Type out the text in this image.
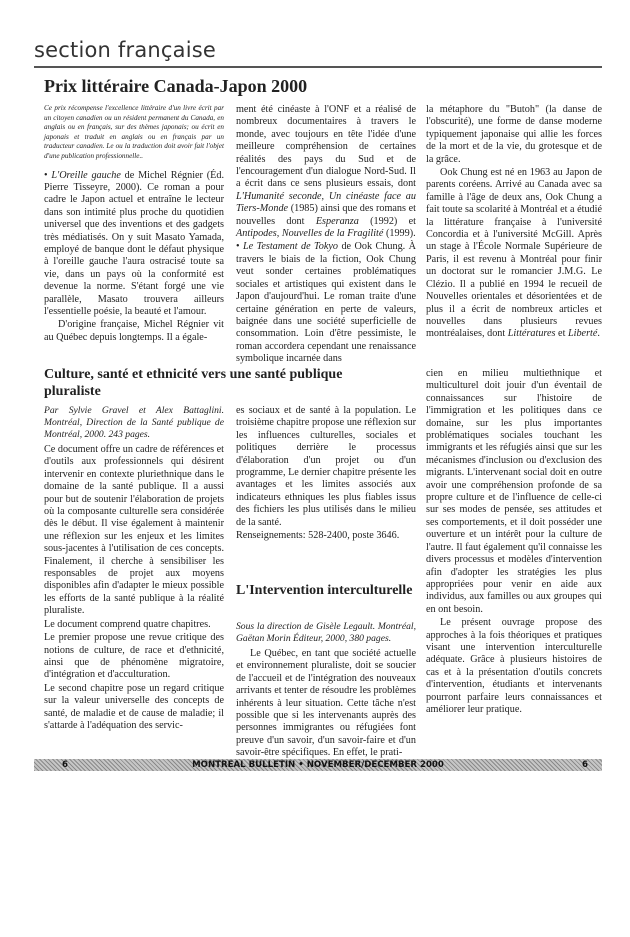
section française
Prix littéraire Canada-Japon 2000

Ce prix récompense l'excellence littéraire d'un livre écrit par un citoyen canadien ou un résident permanent du Canada, en anglais ou en français, sur des thèmes japonais; ou écrit en japonais et traduit en anglais ou en français par un traducteur canadien. Le ou la traduction doit avoir fait l'objet d'une publication professionnelle..

• L'Oreille gauche de Michel Régnier (Éd. Pierre Tisseyre, 2000). Ce roman a pour cadre le Japon actuel et entraîne le lecteur dans son intimité plus proche du quotidien universel que des inventions et des gadgets très médiatisés. On y suit Masato Yamada, employé de banque dont le défaut physique à l'oreille gauche l'aura ostracisé toute sa vie, dans un pays où la conformité est devenue la norme. S'étant forgé une vie parallèle, Masato trouvera ailleurs l'essentielle poésie, la beauté et l'amour.

D'origine française, Michel Régnier vit au Québec depuis longtemps. Il a égale-

ment été cinéaste à l'ONF et a réalisé de nombreux documentaires à travers le monde, avec toujours en tête l'idée d'une meilleure compréhension de certaines réalités des pays du Sud et de l'encouragement d'un dialogue Nord-Sud. Il a écrit dans ce sens plusieurs essais, dont L'Humanité seconde, Un cinéaste face au Tiers-Monde (1985) ainsi que des romans et nouvelles dont Esperanza (1992) et Antipodes, Nouvelles de la Fragilité (1999).

• Le Testament de Tokyo de Ook Chung. À travers le biais de la fiction, Ook Chung veut sonder certaines problématiques sociales et artistiques qui existent dans le Japon d'aujourd'hui. Le roman traite d'une certaine génération en perte de valeurs, baignée dans une société superficielle de consommation. Loin d'être pessimiste, le roman accordera cependant une renaissance symbolique incarnée dans

la métaphore du "Butoh" (la danse de l'obscurité), une forme de danse moderne typiquement japonaise qui allie les forces de la mort et de la vie, du grotesque et de la grâce.

Ook Chung est né en 1963 au Japon de parents coréens. Arrivé au Canada avec sa famille à l'âge de deux ans, Ook Chung a fait toute sa scolarité à Montréal et a étudié la littérature française à l'université Concordia et à l'université McGill. Après un stage à l'École Normale Supérieure de Paris, il est revenu à Montréal pour finir un doctorat sur le romancier J.M.G. Le Clézio. Il a publié en 1994 le recueil de Nouvelles orientales et désorientées et de plus il a écrit de nombreux articles et nouvelles dans plusieurs revues montréalaises, dont Littératures et Liberté.

Culture, santé et ethnicité vers une santé publique pluraliste

Par Sylvie Gravel et Alex Battaglini. Montréal, Direction de la Santé publique de Montréal, 2000. 243 pages.

Ce document offre un cadre de références et d'outils aux professionnels qui désirent intervenir en contexte pluriethnique dans le domaine de la santé publique. Il a aussi pour but de soutenir l'élaboration de projets où la composante culturelle sera considérée dès le début. Il vise également à maintenir une réflexion sur les enjeux et les limites sous-jacentes à l'utilisation de ces concepts. Finalement, il cherche à sensibiliser les responsables de projet aux moyens disponibles afin d'adapter le mieux possible les efforts de la santé publique à la réalité pluraliste.

Le document comprend quatre chapitres.

Le premier propose une revue critique des notions de culture, de race et d'ethnicité, ainsi que de phénomène migratoire, d'intégration et d'acculturation.

Le second chapitre pose un regard critique sur la valeur universelle des concepts de santé, de maladie et de cause de maladie; il s'attarde à l'adéquation des servic-

es sociaux et de santé à la population. Le troisième chapitre propose une réflexion sur les influences culturelles, sociales et politiques derrière le processus d'élaboration d'un projet ou d'un programme, Le dernier chapitre présente les avantages et les limites associés aux indicateurs ethniques les plus fiables issus des fichiers les plus utilisés dans le milieu de la santé.

Renseignements: 528-2400, poste 3646.

L'Intervention interculturelle

Sous la direction de Gisèle Legault. Montréal, Gaëtan Morin Éditeur, 2000, 380 pages.

Le Québec, en tant que société actuelle et environnement pluraliste, doit se soucier de l'accueil et de l'intégration des nouveaux arrivants et tenter de résoudre les problèmes inhérents à leur situation. Cette tâche n'est possible que si les intervenants auprès des personnes immigrantes ou réfugiées font preuve d'un savoir, d'un savoir-faire et d'un savoir-être spécifiques. En effet, le prati-

cien en milieu multiethnique et multiculturel doit jouir d'un éventail de connaissances sur l'histoire de l'immigration et les politiques dans ce domaine, sur les plus importantes problématiques sociales touchant les immigrants et les réfugiés ainsi que sur les mécanismes d'inclusion ou d'exclusion des migrants. L'intervenant social doit en outre avoir une compréhension profonde de sa propre culture et de l'influence de celle-ci sur ses modes de pensée, ses attitudes et ses comportements, et il doit posséder une ouverture et un intérêt pour la culture de l'autre. Il faut également qu'il connaisse les divers processus et modèles d'intervention afin d'adopter les stratégies les plus appropriées pour venir en aide aux individus, aux familles ou aux groupes qui en ont besoin.

Le présent ouvrage propose des approches à la fois théoriques et pratiques visant une intervention interculturelle adéquate. Grâce à plusieurs histoires de cas et à la présentation d'outils concrets d'intervention, étudiants et intervenants pourront parfaire leurs connaissances et améliorer leur pratique.

6	MONTREAL BULLETIN • NOVEMBER/DECEMBER 2000	6
